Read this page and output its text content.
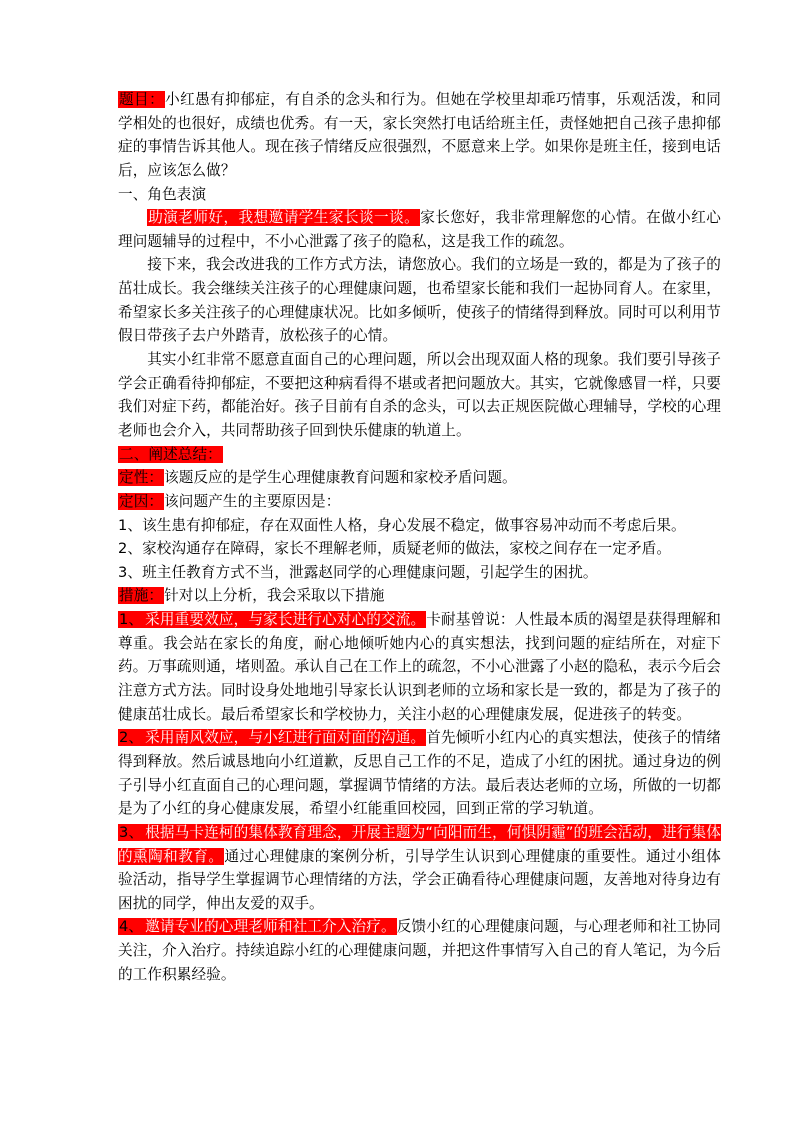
题目：小红愚有抑郁症，有自杀的念头和行为。但她在学校里却乖巧情事，乐观活泼，和同学相处的也很好，成绩也优秀。有一天，家长突然打电话给班主任，责怪她把自己孩子患抑郁症的事情告诉其他人。现在孩子情绪反应很强烈，不愿意来上学。如果你是班主任，接到电话后，应该怎么做？

一、角色表演

助演老师好，我想邀请学生家长谈一谈。家长您好，我非常理解您的心情。在做小红心理问题辅导的过程中，不小心泄露了孩子的隐私，这是我工作的疏忽。

接下来，我会改进我的工作方式方法，请您放心。我们的立场是一致的，都是为了孩子的茁壮成长。我会继续关注孩子的心理健康问题，也希望家长能和我们一起协同育人。在家里，希望家长多关注孩子的心理健康状况。比如多倾听，使孩子的情绪得到释放。同时可以利用节假日带孩子去户外踏青，放松孩子的心情。

其实小红非常不愿意直面自己的心理问题，所以会出现双面人格的现象。我们要引导孩子学会正确看待抑郁症，不要把这种病看得不堪或者把问题放大。其实，它就像感冒一样，只要我们对症下药，都能治好。孩子目前有自杀的念头，可以去正规医院做心理辅导，学校的心理老师也会介入，共同帮助孩子回到快乐健康的轨道上。

二、阐述总结：

定性：该题反应的是学生心理健康教育问题和家校矛盾问题。

定因：该问题产生的主要原因是：

1、该生患有抑郁症，存在双面性人格，身心发展不稳定，做事容易冲动而不考虑后果。

2、家校沟通存在障碍，家长不理解老师，质疑老师的做法，家校之间存在一定矛盾。

3、班主任教育方式不当，泄露赵同学的心理健康问题，引起学生的困扰。

措施：针对以上分析，我会采取以下措施

1、 采用重要效应，与家长进行心对心的交流。卡耐基曾说：人性最本质的渴望是获得理解和尊重。我会站在家长的角度，耐心地倾听她内心的真实想法，找到问题的症结所在，对症下药。万事疏则通，堵则盈。承认自己在工作上的疏忽，不小心泄露了小赵的隐私，表示今后会注意方式方法。同时设身处地地引导家长认识到老师的立场和家长是一致的，都是为了孩子的健康茁壮成长。最后希望家长和学校协力，关注小赵的心理健康发展，促进孩子的转变。

2、 采用南风效应，与小红进行面对面的沟通。首先倾听小红内心的真实想法，使孩子的情绪得到释放。然后诚恳地向小红道歉，反思自己工作的不足，造成了小红的困扰。通过身边的例子引导小红直面自己的心理问题，掌握调节情绪的方法。最后表达老师的立场，所做的一切都是为了小红的身心健康发展，希望小红能重回校园，回到正常的学习轨道。

3、 根据马卡连柯的集体教育理念，开展主题为“向阳而生，何惧阴霾”的班会活动，进行集体的熏陶和教育。通过心理健康的案例分析，引导学生认识到心理健康的重要性。通过小组体验活动，指导学生掌握调节心理情绪的方法，学会正确看待心理健康问题，友善地对待身边有困扰的同学，伸出友爱的双手。

4、 邀请专业的心理老师和社工介入治疗。反馈小红的心理健康问题，与心理老师和社工协同关注，介入治疗。持续追踪小红的心理健康问题，并把这件事情写入自己的育人笔记，为今后的工作积累经验。
